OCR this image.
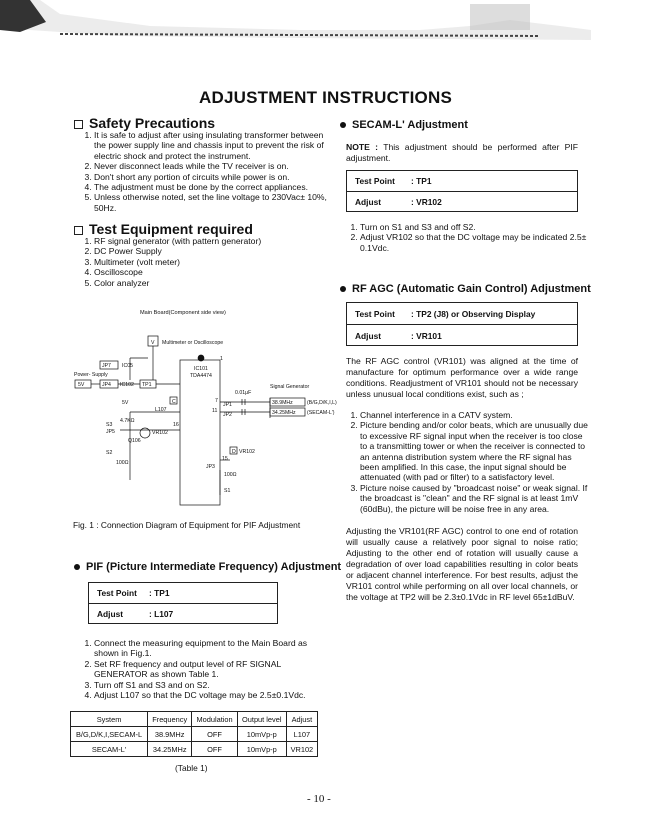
ADJUSTMENT INSTRUCTIONS
Safety Precautions
1. It is safe to adjust after using insulating transformer between the power supply line and chassis input to prevent the risk of electric shock and protect the instrument.
2. Never disconnect leads while the TV receiver is on.
3. Don't short any portion of circuits while power is on.
4. The adjustment must be done by the correct appliances.
5. Unless otherwise noted, set the line voltage to 230Vac± 10%, 50Hz.
Test Equipment required
1. RF signal generator (with pattern generator)
2. DC Power Supply
3. Multimeter (volt meter)
4. Oscilloscope
5. Color analyzer
Main Board(Component side view)
Multimeter or Oscilloscope
V
Power- Supply
5V
JP7 IC05
JP4 IC102 TP1
IC101
TDA4474
1
7
11
16
15
0.01μF
Signal Generator
JP1
JP2
38.9MHz	(B/G,D/K,I,L)
34.25MHz (SECAM-L')
5V
L107
C
S3
JP5
4.7KΩ
Q106
VR102
S2
100Ω
JP3
VR102
D
100Ω
S1
Fig. 1 : Connection Diagram of Equipment for PIF Adjustment
PIF (Picture Intermediate Frequency) Adjustment
Test Point	: TP1
Adjust	: L107
1. Connect the measuring equipment to the Main Board as shown in Fig.1.
2. Set RF frequency and output level of RF SIGNAL GENERATOR as shown Table 1.
3. Turn off S1 and S3 and on S2.
4. Adjust L107 so that the DC voltage may be 2.5±0.1Vdc.
System	Frequency	Modulation	Output level	Adjust
B/G,D/K,I,SECAM-L	38.9MHz	OFF	10mVp-p	L107
SECAM-L'	34.25MHz	OFF	10mVp-p	VR102
(Table 1)
SECAM-L' Adjustment
NOTE : This adjustment should be performed after PIF adjustment.
Test Point	: TP1
Adjust	: VR102
1. Turn on S1 and S3 and off S2.
2. Adjust VR102 so that the DC voltage may be indicated 2.5± 0.1Vdc.
RF AGC (Automatic Gain Control) Adjustment
Test Point	: TP2 (J8) or Observing Display
Adjust	: VR101
The RF AGC control (VR101) was aligned at the time of manufacture for optimum performance over a wide range conditions. Readjustment of VR101 should not be necessary unless unusual local conditions exist, such as ;
1. Channel interference in a CATV system.
2. Picture bending and/or color beats, which are unusually due to excessive RF signal input when the receiver is too close to a transmitting tower or when the receiver is connected to an antenna distribution system where the RF signal has been amplified. In this case, the input signal should be attenuated (with pad or filter) to a satisfactory level.
3. Picture noise caused by "broadcast noise" or weak signal. If the broadcast is "clean" and the RF signal is at least 1mV (60dBu), the picture will be noise free in any area.
Adjusting the VR101(RF AGC) control to one end of rotation will usually cause a relatively poor signal to noise ratio; Adjusting to the other end of rotation will usually cause a degradation of over load capabilities resulting in color beats or adjacent channel interference. For best results, adjust the VR101 control while performing on all over local channels, or the voltage at TP2 will be 2.3±0.1Vdc in RF level 65±1dBuV.
- 10 -
